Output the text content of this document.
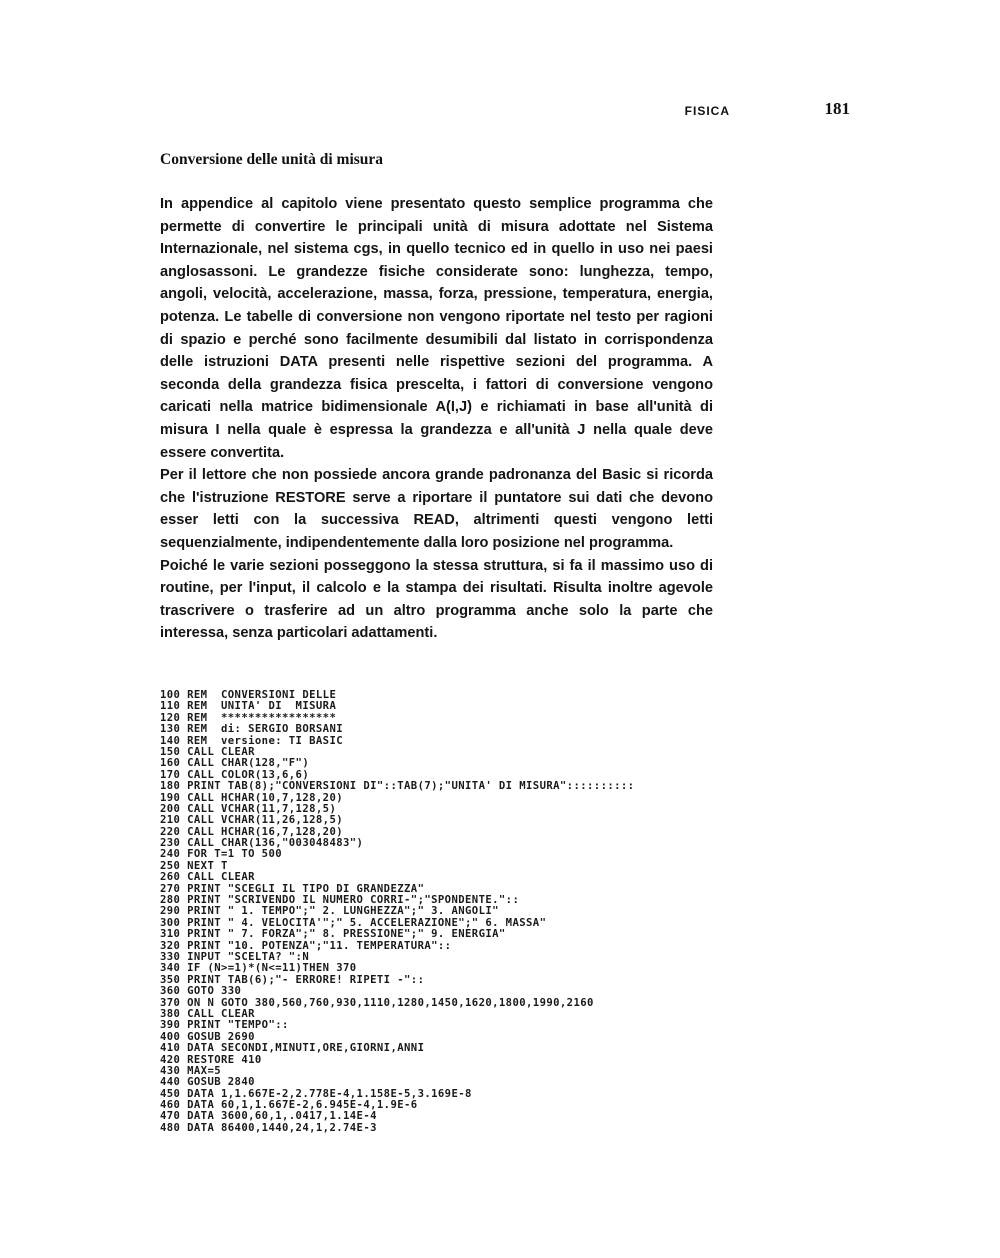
FISICA	181
Conversione delle unità di misura

In appendice al capitolo viene presentato questo semplice programma che permette di convertire le principali unità di misura adottate nel Sistema Internazionale, nel sistema cgs, in quello tecnico ed in quello in uso nei paesi anglosassoni. Le grandezze fisiche considerate sono: lunghezza, tempo, angoli, velocità, accelerazione, massa, forza, pressione, temperatura, energia, potenza. Le tabelle di conversione non vengono riportate nel testo per ragioni di spazio e perché sono facilmente desumibili dal listato in corrispondenza delle istruzioni DATA presenti nelle rispettive sezioni del programma. A seconda della grandezza fisica prescelta, i fattori di conversione vengono caricati nella matrice bidimensionale A(I,J) e richiamati in base all'unità di misura I nella quale è espressa la grandezza e all'unità J nella quale deve essere convertita.

Per il lettore che non possiede ancora grande padronanza del Basic si ricorda che l'istruzione RESTORE serve a riportare il puntatore sui dati che devono esser letti con la successiva READ, altrimenti questi vengono letti sequenzialmente, indipendentemente dalla loro posizione nel programma.

Poiché le varie sezioni posseggono la stessa struttura, si fa il massimo uso di routine, per l'input, il calcolo e la stampa dei risultati. Risulta inoltre agevole trascrivere o trasferire ad un altro programma anche solo la parte che interessa, senza particolari adattamenti.

100 REM  CONVERSIONI DELLE
110 REM  UNITA' DI  MISURA
120 REM  *****************
130 REM  di: SERGIO BORSANI
140 REM  versione: TI BASIC
150 CALL CLEAR
160 CALL CHAR(128,"F")
170 CALL COLOR(13,6,6)
180 PRINT TAB(8);"CONVERSIONI DI"::TAB(7);"UNITA' DI MISURA"::::::::::
190 CALL HCHAR(10,7,128,20)
200 CALL VCHAR(11,7,128,5)
210 CALL VCHAR(11,26,128,5)
220 CALL HCHAR(16,7,128,20)
230 CALL CHAR(136,"003048483")
240 FOR T=1 TO 500
250 NEXT T
260 CALL CLEAR
270 PRINT "SCEGLI IL TIPO DI GRANDEZZA"
280 PRINT "SCRIVENDO IL NUMERO CORRI-";"SPONDENTE."::
290 PRINT " 1. TEMPO";" 2. LUNGHEZZA";" 3. ANGOLI"
300 PRINT " 4. VELOCITA'";" 5. ACCELERAZIONE";" 6. MASSA"
310 PRINT " 7. FORZA";" 8. PRESSIONE";" 9. ENERGIA"
320 PRINT "10. POTENZA";"11. TEMPERATURA"::
330 INPUT "SCELTA? ":N
340 IF (N>=1)*(N<=11)THEN 370
350 PRINT TAB(6);"- ERRORE! RIPETI -"::
360 GOTO 330
370 ON N GOTO 380,560,760,930,1110,1280,1450,1620,1800,1990,2160
380 CALL CLEAR
390 PRINT "TEMPO"::
400 GOSUB 2690
410 DATA SECONDI,MINUTI,ORE,GIORNI,ANNI
420 RESTORE 410
430 MAX=5
440 GOSUB 2840
450 DATA 1,1.667E-2,2.778E-4,1.158E-5,3.169E-8
460 DATA 60,1,1.667E-2,6.945E-4,1.9E-6
470 DATA 3600,60,1,.0417,1.14E-4
480 DATA 86400,1440,24,1,2.74E-3
